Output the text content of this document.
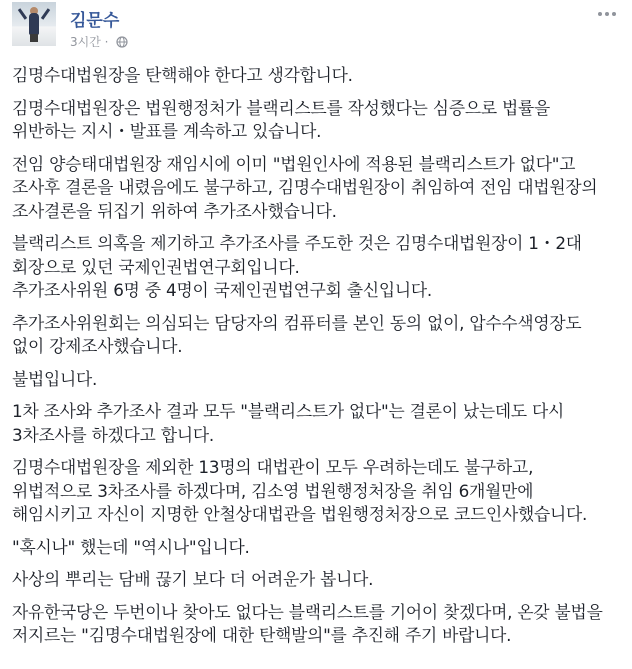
김문수
3시간 ·

김명수대법원장을 탄핵해야 한다고 생각합니다.

김명수대법원장은 법원행정처가 블랙리스트를 작성했다는 심증으로 법률을 위반하는 지시・발표를 계속하고 있습니다.

전임 양승태대법원장 재임시에 이미 "법원인사에 적용된 블랙리스트가 없다"고 조사후 결론을 내렸음에도 불구하고, 김명수대법원장이 취임하여 전임 대법원장의 조사결론을 뒤집기 위하여 추가조사했습니다.

블랙리스트 의혹을 제기하고 추가조사를 주도한 것은 김명수대법원장이 1・2대 회장으로 있던 국제인권법연구회입니다.

추가조사위원 6명 중 4명이 국제인권법연구회 출신입니다.

추가조사위원회는 의심되는 담당자의 컴퓨터를 본인 동의 없이, 압수수색영장도 없이 강제조사했습니다.

불법입니다.

1차 조사와 추가조사 결과 모두 "블랙리스트가 없다"는 결론이 났는데도 다시 3차조사를 하겠다고 합니다.

김명수대법원장을 제외한 13명의 대법관이 모두 우려하는데도 불구하고, 위법적으로 3차조사를 하겠다며, 김소영 법원행정처장을 취임 6개월만에 해임시키고 자신이 지명한 안철상대법관을 법원행정처장으로 코드인사했습니다.

"혹시나" 했는데 "역시나"입니다.

사상의 뿌리는 담배 끊기 보다 더 어려운가 봅니다.

자유한국당은 두번이나 찾아도 없다는 블랙리스트를 기어이 찾겠다며, 온갖 불법을 저지르는 "김명수대법원장에 대한 탄핵발의"를 추진해 주기 바랍니다.
